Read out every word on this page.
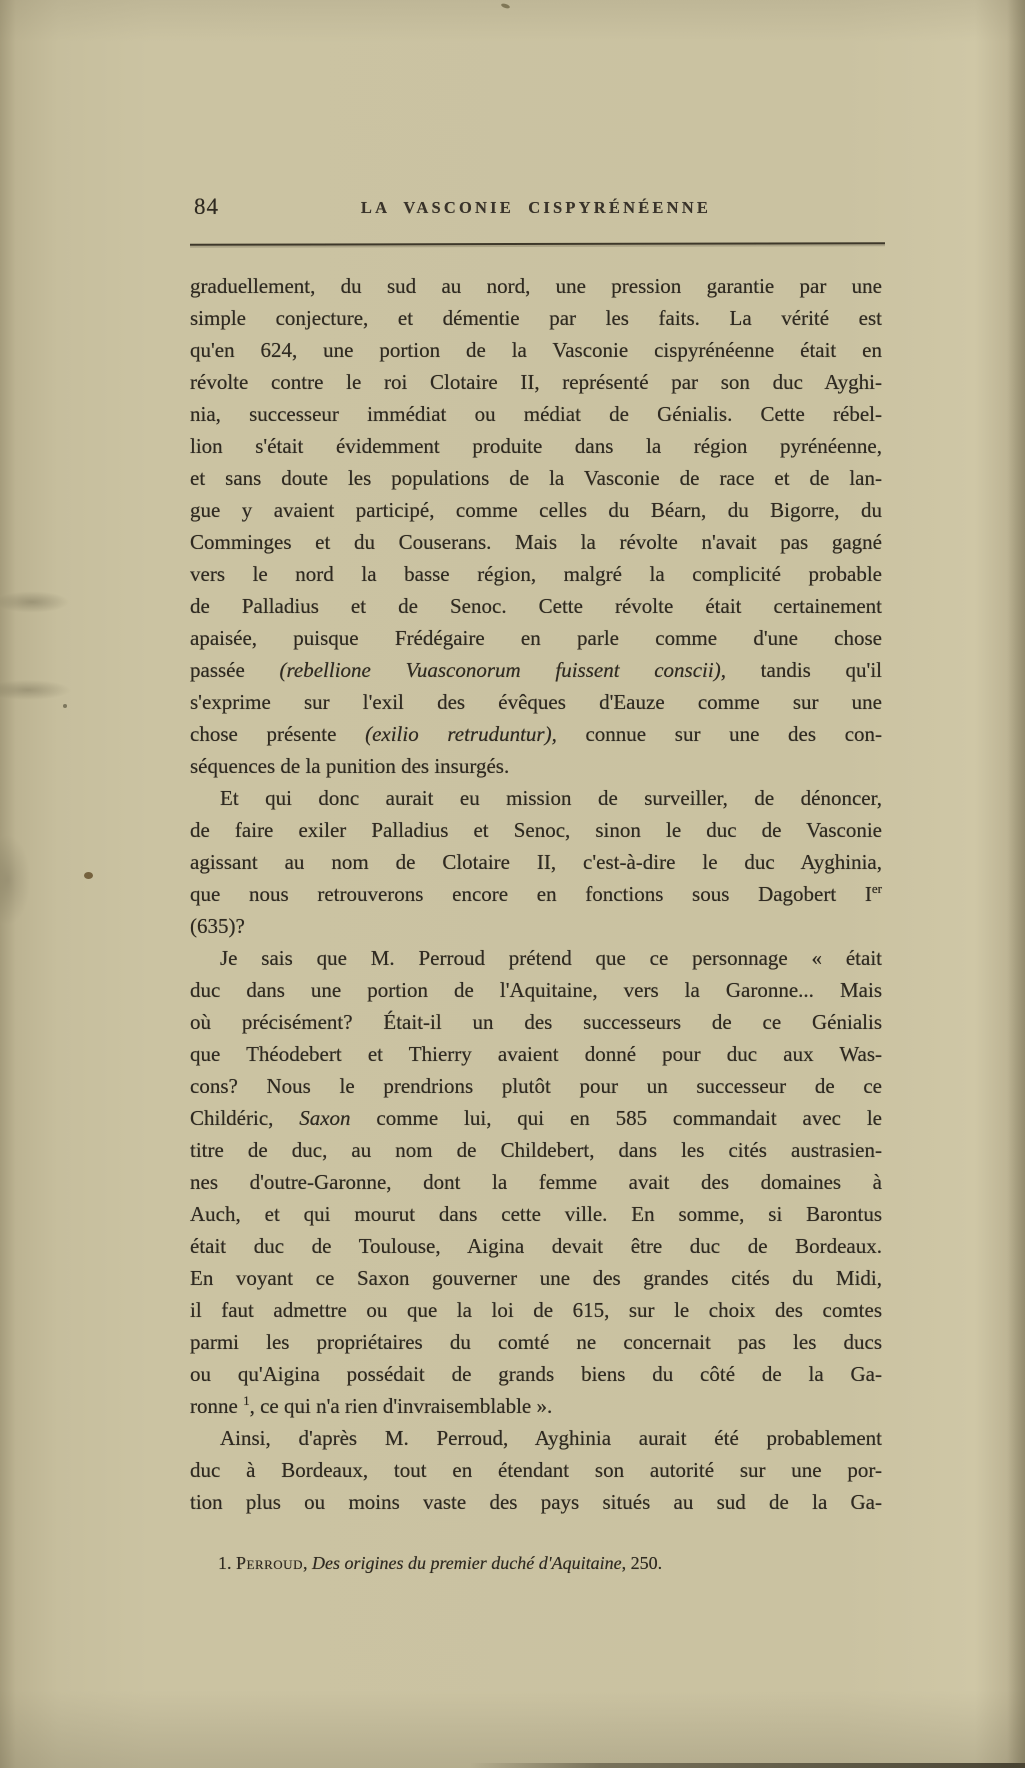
84	LA VASCONIE CISPYRÉNÉENNE
graduellement, du sud au nord, une pression garantie par une
simple conjecture, et démentie par les faits. La vérité est
qu'en 624, une portion de la Vasconie cispyrénéenne était en
révolte contre le roi Clotaire II, représenté par son duc Ayghi-
nia, successeur immédiat ou médiat de Génialis. Cette rébel-
lion s'était évidemment produite dans la région pyrénéenne,
et sans doute les populations de la Vasconie de race et de lan-
gue y avaient participé, comme celles du Béarn, du Bigorre, du
Comminges et du Couserans. Mais la révolte n'avait pas gagné
vers le nord la basse région, malgré la complicité probable
de Palladius et de Senoc. Cette révolte était certainement
apaisée, puisque Frédégaire en parle comme d'une chose
passée (rebellione Vuasconorum fuissent conscii), tandis qu'il
s'exprime sur l'exil des évêques d'Eauze comme sur une
chose présente (exilio retruduntur), connue sur une des con-
séquences de la punition des insurgés.
Et qui donc aurait eu mission de surveiller, de dénoncer,
de faire exiler Palladius et Senoc, sinon le duc de Vasconie
agissant au nom de Clotaire II, c'est-à-dire le duc Ayghinia,
que nous retrouverons encore en fonctions sous Dagobert Ier
(635)?
Je sais que M. Perroud prétend que ce personnage « était
duc dans une portion de l'Aquitaine, vers la Garonne... Mais
où précisément? Était-il un des successeurs de ce Génialis
que Théodebert et Thierry avaient donné pour duc aux Was-
cons? Nous le prendrions plutôt pour un successeur de ce
Childéric, Saxon comme lui, qui en 585 commandait avec le
titre de duc, au nom de Childebert, dans les cités austrasien-
nes d'outre-Garonne, dont la femme avait des domaines à
Auch, et qui mourut dans cette ville. En somme, si Barontus
était duc de Toulouse, Aigina devait être duc de Bordeaux.
En voyant ce Saxon gouverner une des grandes cités du Midi,
il faut admettre ou que la loi de 615, sur le choix des comtes
parmi les propriétaires du comté ne concernait pas les ducs
ou qu'Aigina possédait de grands biens du côté de la Ga-
ronne $^1$, ce qui n'a rien d'invraisemblable ».
Ainsi, d'après M. Perroud, Ayghinia aurait été probablement
duc à Bordeaux, tout en étendant son autorité sur une por-
tion plus ou moins vaste des pays situés au sud de la Ga-
1. Perroud, Des origines du premier duché d'Aquitaine, 250.
